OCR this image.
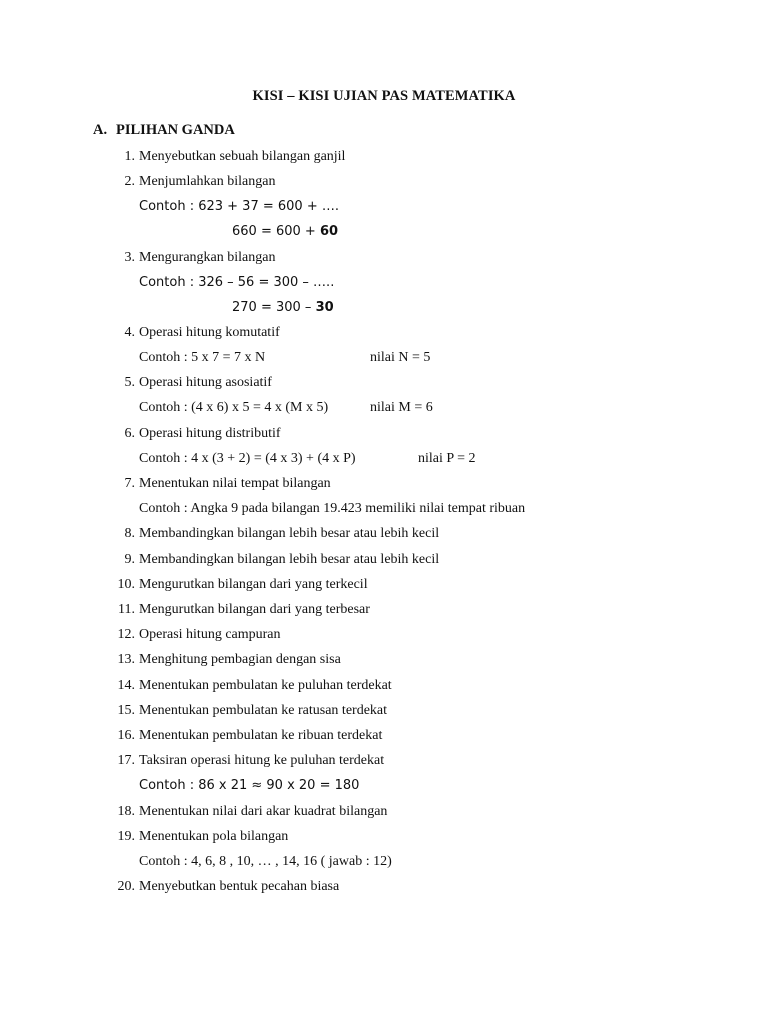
KISI – KISI UJIAN PAS MATEMATIKA
A. PILIHAN GANDA
1. Menyebutkan sebuah bilangan ganjil
2. Menjumlahkan bilangan
Contoh : 623 + 37 = 600 + ….
660 = 600 + 60
3. Mengurangkan bilangan
Contoh : 326 – 56 = 300 – …..
270 = 300 – 30
4. Operasi hitung komutatif
Contoh : 5 x 7 = 7 x N	nilai N = 5
5. Operasi hitung asosiatif
Contoh : (4 x 6) x 5 = 4 x (M x 5)	nilai M = 6
6. Operasi hitung distributif
Contoh : 4 x (3 + 2) = (4 x 3) + (4 x P)	nilai P = 2
7. Menentukan nilai tempat bilangan
Contoh : Angka 9 pada bilangan 19.423 memiliki nilai tempat ribuan
8. Membandingkan bilangan lebih besar atau lebih kecil
9. Membandingkan bilangan lebih besar atau lebih kecil
10. Mengurutkan bilangan dari yang terkecil
11. Mengurutkan bilangan dari yang terbesar
12. Operasi hitung campuran
13. Menghitung pembagian dengan sisa
14. Menentukan pembulatan ke puluhan terdekat
15. Menentukan pembulatan ke ratusan terdekat
16. Menentukan pembulatan ke ribuan terdekat
17. Taksiran operasi hitung ke puluhan terdekat
Contoh : 86 x 21 ≈ 90 x 20 = 180
18. Menentukan nilai dari akar kuadrat bilangan
19. Menentukan pola bilangan
Contoh : 4, 6, 8 , 10, … , 14, 16 ( jawab : 12)
20. Menyebutkan bentuk pecahan biasa
